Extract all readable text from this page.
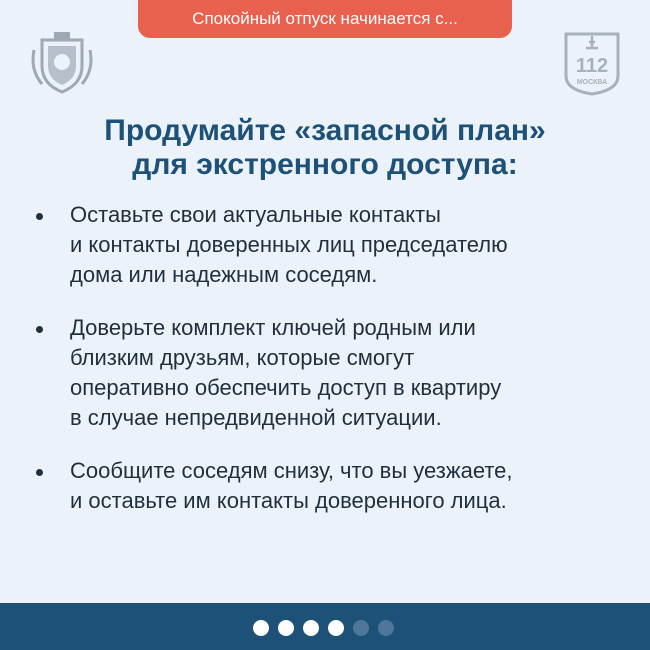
Спокойный отпуск начинается с...
112
МОСКВА
Продумайте «запасной план»
для экстренного доступа:
Оставьте свои актуальные контакты
и контакты доверенных лиц председателю
дома или надежным соседям.
Доверьте комплект ключей родным или
близким друзьям, которые смогут
оперативно обеспечить доступ в квартиру
в случае непредвиденной ситуации.
Сообщите соседям снизу, что вы уезжаете,
и оставьте им контакты доверенного лица.
